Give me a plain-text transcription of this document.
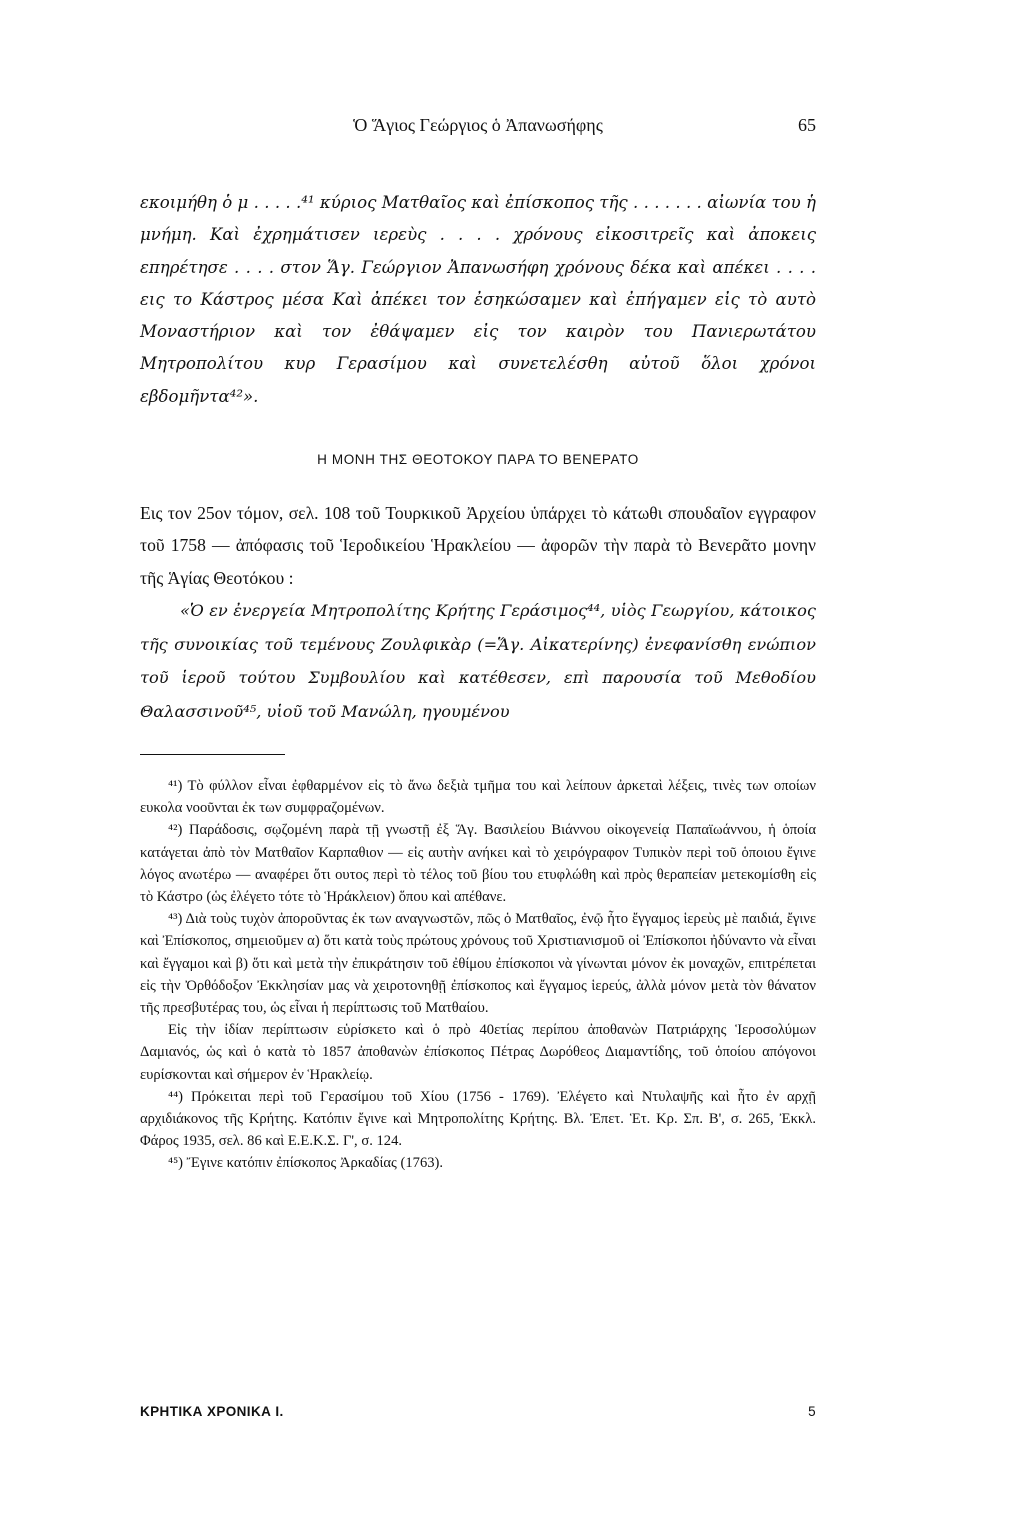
Ὁ Ἅγιος Γεώργιος ὁ Ἀπανωσήφης	65

εκοιμήθη ὁ μ . . . . .⁴¹ κύριος Ματθαῖος καὶ ἐπίσκοπος τῆς . . . . . . . αἰωνία του ἡ μνήμη. Καὶ ἐχρημάτισεν ιερεὺς . . . . χρόνους εἰκοσιτρεῖς καὶ ἀποκεις επηρέτησε . . . . στον Ἅγ. Γεώργιον Ἀπανωσήφη χρόνους δέκα καὶ απέκει . . . . εις το Κάστρος μέσα Καὶ ἀπέκει τον ἐσηκώσαμεν καὶ ἐπήγαμεν εἰς τὸ αυτὸ Μοναστήριον καὶ τον ἐθάψαμεν εἰς τον καιρὸν του Πανιερωτάτου Μητροπολίτου κυρ Γερασίμου καὶ συνετελέσθη αὐτοῦ ὅλοι χρόνοι εβδομῆντα⁴²».

Η ΜΟΝΗ ΤΗΣ ΘΕΟΤΟΚΟΥ ΠΑΡΑ ΤΟ ΒΕΝΕΡΑΤΟ

Εις τον 25ον τόμον, σελ. 108 τοῦ Τουρκικοῦ Ἀρχείου ὑπάρχει τὸ κάτωθι σπουδαῖον εγγραφον τοῦ 1758 — ἀπόφασις τοῦ Ἱεροδικείου Ἡρακλείου — ἀφορῶν τὴν παρὰ τὸ Βενερᾶτο μονην τῆς Ἁγίας Θεοτόκου :

«Ὁ εν ἐνεργεία Μητροπολίτης Κρήτης Γεράσιμος⁴⁴, υἱὸς Γεωργίου, κάτοικος τῆς συνοικίας τοῦ τεμένους Ζουλφικὰρ (=Ἅγ. Αἰκατερίνης) ἐνεφανίσθη ενώπιον τοῦ ἱεροῦ τούτου Συμβουλίου καὶ κατέθεσεν, επὶ παρουσία τοῦ Μεθοδίου Θαλασσινοῦ⁴⁵, υἱοῦ τοῦ Μανώλη, ηγουμένου

⁴¹) Τὸ φύλλον εἶναι ἐφθαρμένον εἰς τὸ ἄνω δεξιὰ τμῆμα του καὶ λείπουν ἀρκεταὶ λέξεις, τινὲς των οποίων ευκολα νοοῦνται ἐκ των συμφραζομένων.

⁴²) Παράδοσις, σῳζομένη παρὰ τῇ γνωστῇ ἐξ Ἅγ. Βασιλείου Βιάννου οἰκογενείᾳ Παπαϊωάννου, ἡ ὁποία κατάγεται ἀπὸ τὸν Ματθαῖον Καρπαθιον — εἰς αυτὴν ανήκει καὶ τὸ χειρόγραφον Τυπικὸν περὶ τοῦ ὁποιου ἔγινε λόγος ανωτέρω — αναφέρει ὅτι ουτος περὶ τὸ τέλος τοῦ βίου του ετυφλώθη καὶ πρὸς θεραπείαν μετεκομίσθη εἰς τὸ Κάστρο (ὡς ἐλέγετο τότε τὸ Ἡράκλειον) ὅπου καὶ απέθανε.

⁴³) Διὰ τοὺς τυχὸν ἀπορoῦντας ἐκ των αναγνωστῶν, πῶς ὁ Ματθαῖος, ἐνῷ ἦτο ἔγγαμος ἱερεὺς μὲ παιδιά, ἔγινε καὶ Ἐπίσκοπος, σημειοῦμεν α) ὅτι κατὰ τοὺς πρώτους χρόνους τοῦ Χριστιανισμοῦ οἱ Ἐπίσκοποι ἠδύναντο νὰ εἶναι καὶ ἔγγαμοι καὶ β) ὅτι καὶ μετὰ τὴν ἐπικράτησιν τοῦ ἐθίμου ἐπίσκοποι νὰ γίνωνται μόνον ἐκ μοναχῶν, επιτρέπεται εἰς τὴν Ὀρθόδοξον Ἐκκλησίαν μας νὰ χειροτονηθῇ ἐπίσκοπος καὶ ἔγγαμος ἱερεύς, ἀλλὰ μόνον μετὰ τὸν θάνατον τῆς πρεσβυτέρας του, ὡς εἶναι ἡ περίπτωσις τοῦ Ματθαίου.

Εἰς τὴν ἰδίαν περίπτωσιν εὑρίσκετο καὶ ὁ πρὸ 40ετίας περίπου ἀποθανὼν Πατριάρχης Ἱεροσολύμων Δαμιανός, ὡς καὶ ὁ κατὰ τὸ 1857 ἀποθανὼν ἐπίσκοπος Πέτρας Δωρόθεος Διαμαντίδης, τοῦ ὁποίου απόγονοι ευρίσκονται καὶ σήμερον ἐν Ἡρακλείῳ.

⁴⁴) Πρόκειται περὶ τοῦ Γερασίμου τοῦ Χίου (1756 - 1769). Ἐλέγετο καὶ Ντυλαψῆς καὶ ἦτο ἐν αρχῇ αρχιδιάκονος τῆς Κρήτης. Κατόπιν ἔγινε καὶ Μητροπολίτης Κρήτης. Βλ. Ἐπετ. Ἑτ. Κρ. Σπ. Β', σ. 265, Ἐκκλ. Φάρος 1935, σελ. 86 καὶ Ε.Ε.Κ.Σ. Γ', σ. 124.

⁴⁵) Ἔγινε κατόπιν ἐπίσκοπος Ἀρκαδίας (1763).

ΚΡΗΤΙΚΑ ΧΡΟΝΙΚΑ Ι.	5
